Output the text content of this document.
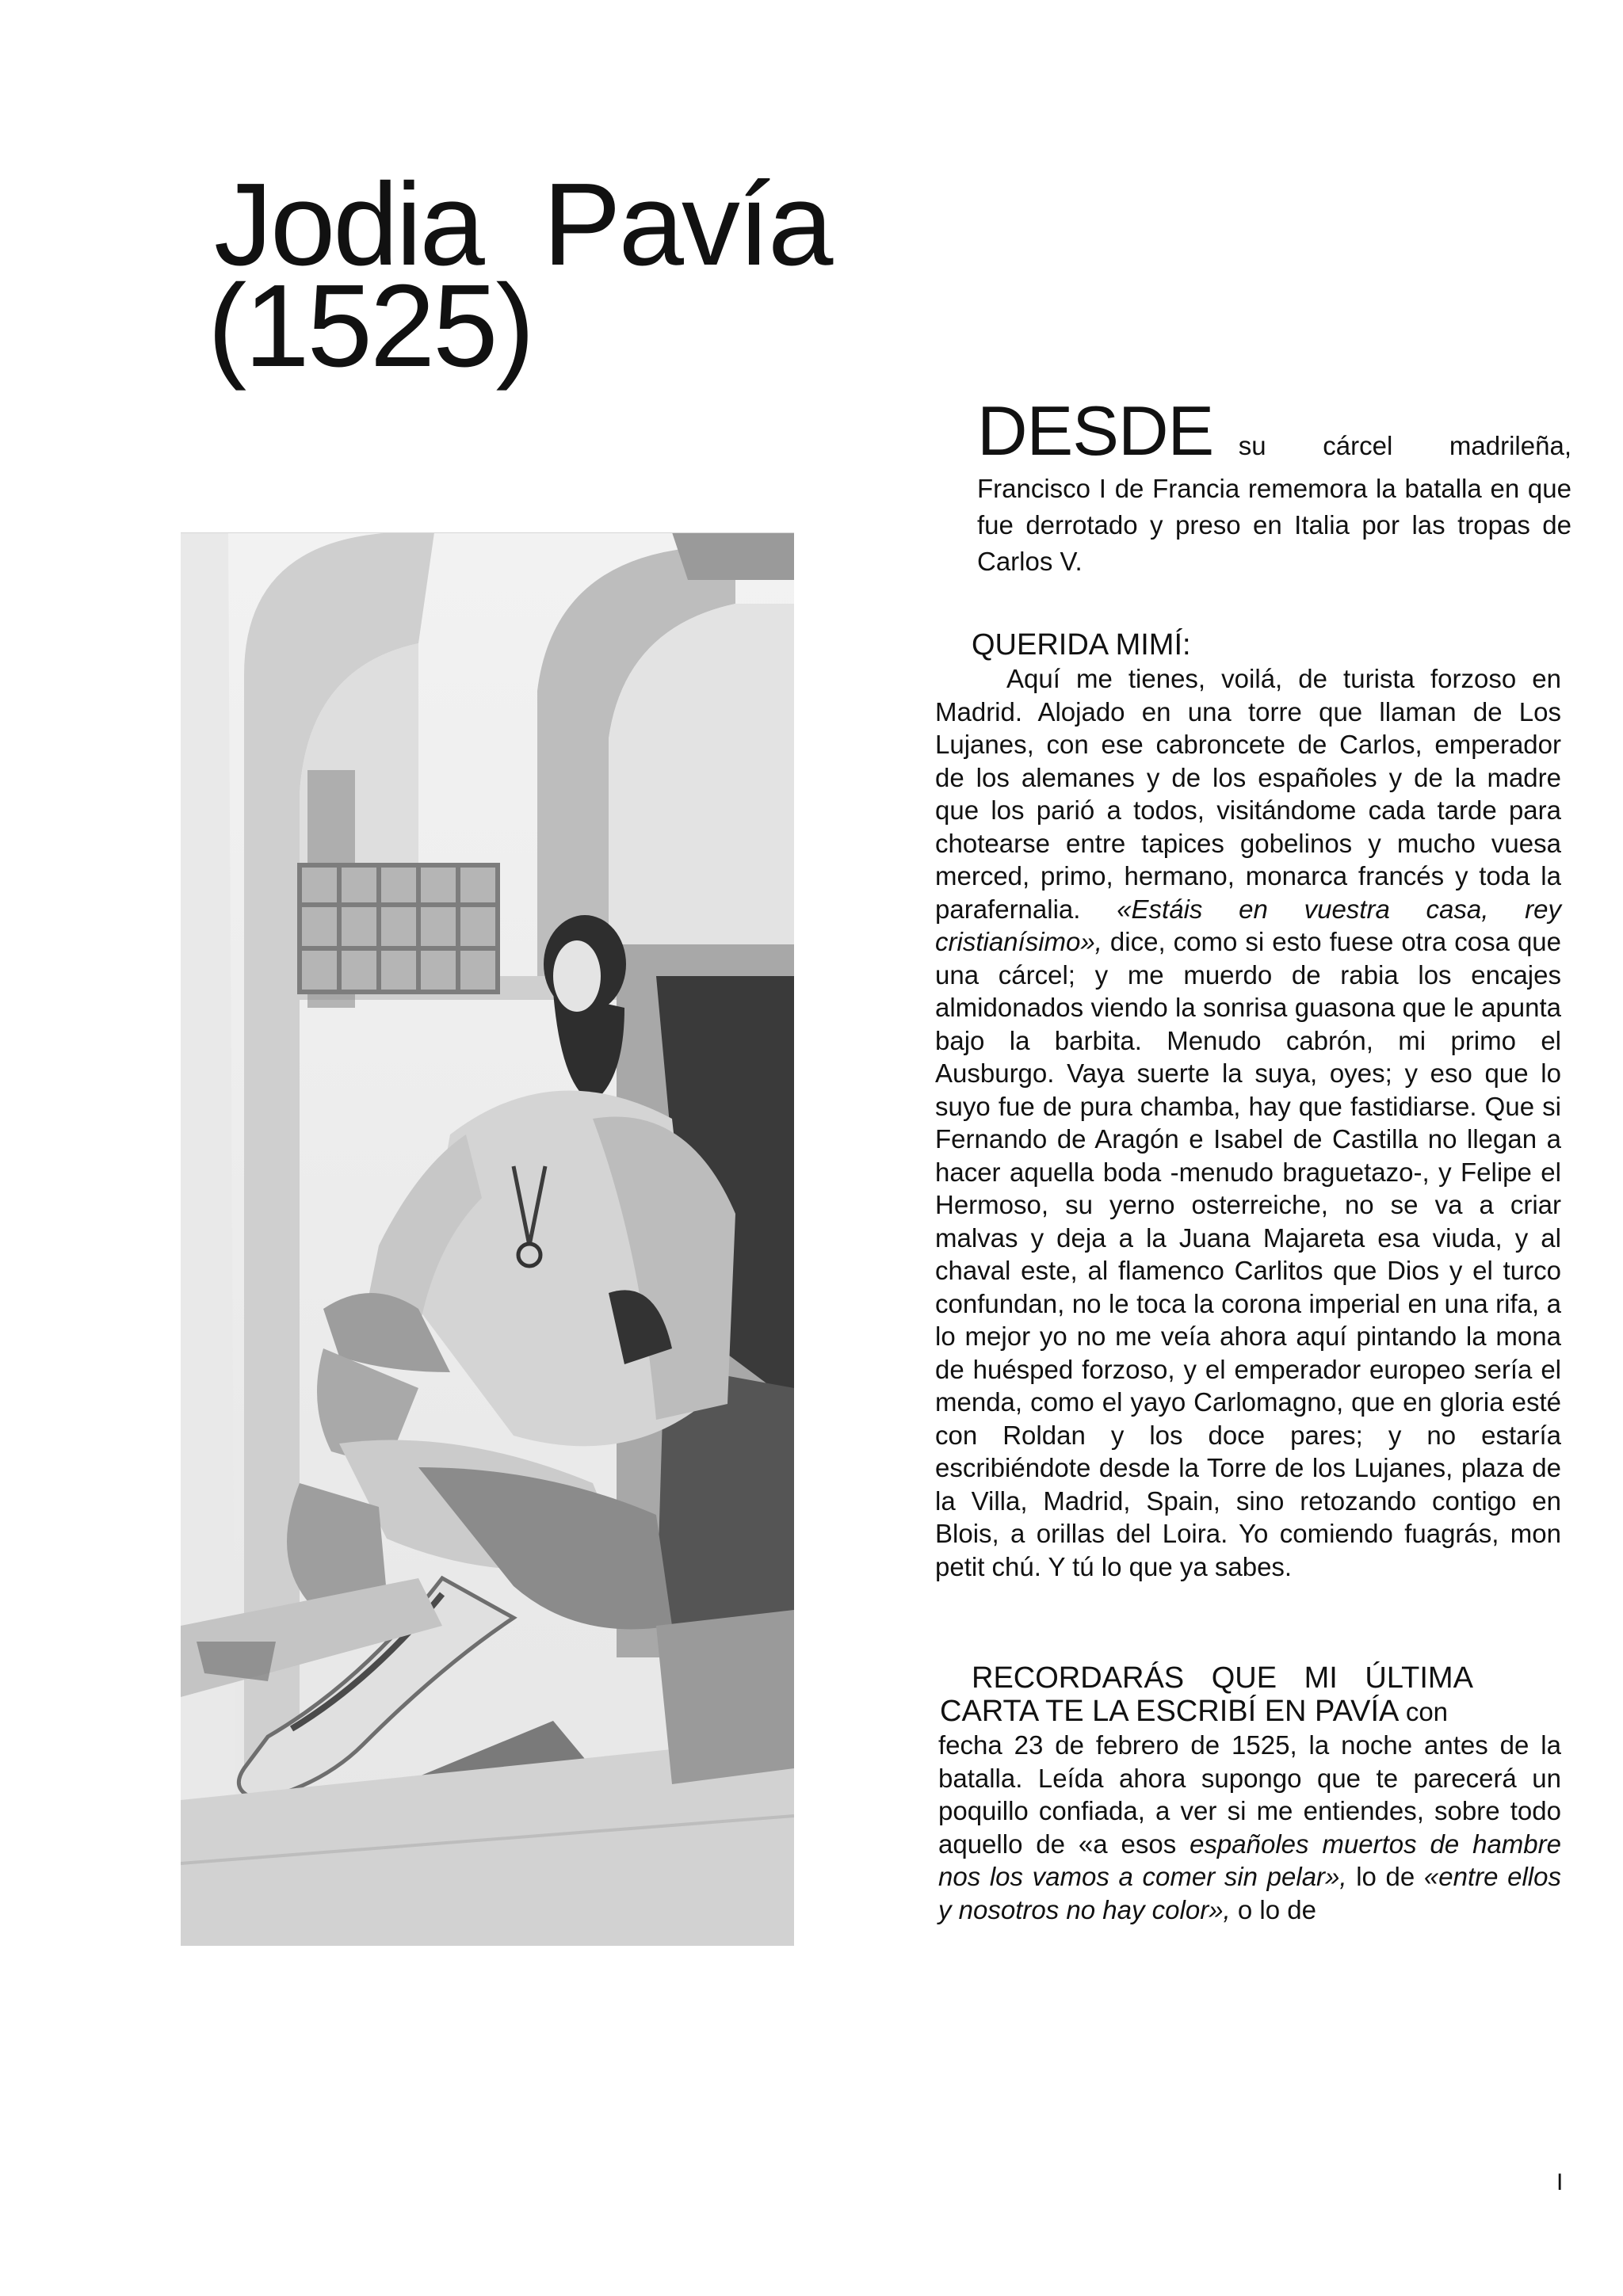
Jodia Pavía
(1525)
DESDE su cárcel madrileña,
Francisco I de Francia rememora la batalla en que fue derrotado y preso en Italia por las tropas de Carlos V.
QUERIDA MIMÍ:

Aquí me tienes, voilá, de turista forzoso en Madrid. Alojado en una torre que llaman de Los Lujanes, con ese cabroncete de Carlos, emperador de los alemanes y de los españoles y de la madre que los parió a todos, visitándome cada tarde para chotearse entre tapices gobelinos y mucho vuesa merced, primo, hermano, monarca francés y toda la parafernalia. «Estáis en vuestra casa, rey cristianísimo», dice, como si esto fuese otra cosa que una cárcel; y me muerdo de rabia los encajes almidonados viendo la sonrisa guasona que le apunta bajo la barbita. Menudo cabrón, mi primo el Ausburgo. Vaya suerte la suya, oyes; y eso que lo suyo fue de pura chamba, hay que fastidiarse. Que si Fernando de Aragón e Isabel de Castilla no llegan a hacer aquella boda -menudo braguetazo-, y Felipe el Hermoso, su yerno osterreiche, no se va a criar malvas y deja a la Juana Majareta esa viuda, y al chaval este, al flamenco Carlitos que Dios y el turco confundan, no le toca la corona imperial en una rifa, a lo mejor yo no me veía ahora aquí pintando la mona de huésped forzoso, y el emperador europeo sería el menda, como el yayo Carlomagno, que en gloria esté con Roldan y los doce pares; y no estaría escribiéndote desde la Torre de los Lujanes, plaza de la Villa, Madrid, Spain, sino retozando contigo en Blois, a orillas del Loira. Yo comiendo fuagrás, mon petit chú. Y tú lo que ya sabes.

RECORDARÁS QUE MI ÚLTIMA
CARTA TE LA ESCRIBÍ EN PAVÍA con

fecha 23 de febrero de 1525, la noche antes de la batalla. Leída ahora supongo que te parecerá un poquillo confiada, a ver si me entiendes, sobre todo aquello de «a esos españoles muertos de hambre nos los vamos a comer sin pelar», lo de «entre ellos y nosotros no hay color», o lo de

I
